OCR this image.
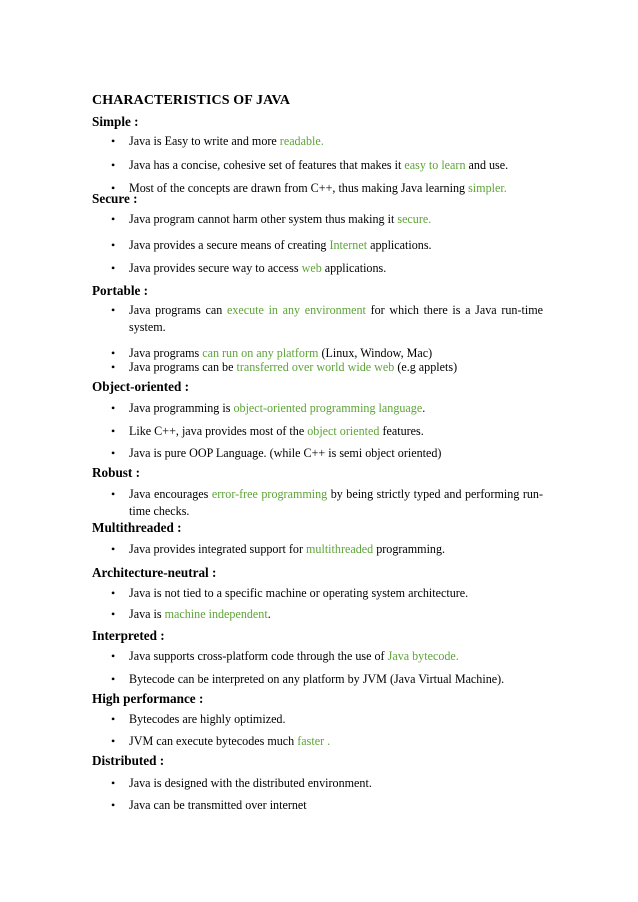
CHARACTERISTICS OF JAVA
Simple :
• Java is Easy to write and more readable.
• Java has a concise, cohesive set of features that makes it easy to learn and use.
• Most of the concepts are drawn from C++, thus making Java learning simpler.
Secure :
• Java program cannot harm other system thus making it secure.
• Java provides a secure means of creating Internet applications.
• Java provides secure way to access web applications.
Portable :
• Java programs can execute in any environment for which there is a Java run-time system.
• Java programs can run on any platform (Linux, Window, Mac)
• Java programs can be transferred over world wide web (e.g applets)
Object-oriented :
• Java programming is object-oriented programming language.
• Like C++, java provides most of the object oriented features.
• Java is pure OOP Language. (while C++ is semi object oriented)
Robust :
• Java encourages error-free programming by being strictly typed and performing run-time checks.
Multithreaded :
• Java provides integrated support for multithreaded programming.
Architecture-neutral :
• Java is not tied to a specific machine or operating system architecture.
• Java is machine independent.
Interpreted :
• Java supports cross-platform code through the use of Java bytecode.
• Bytecode can be interpreted on any platform by JVM (Java Virtual Machine).
High performance :
• Bytecodes are highly optimized.
• JVM can execute bytecodes much faster .
Distributed :
• Java is designed with the distributed environment.
• Java can be transmitted over internet
